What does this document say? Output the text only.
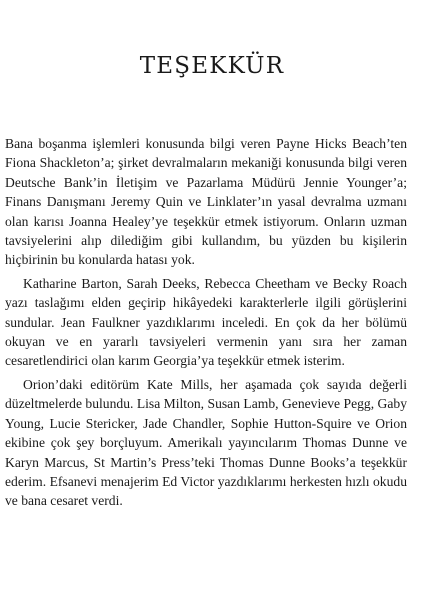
TEŞEKKÜR

Bana boşanma işlemleri konusunda bilgi veren Payne Hicks Beach’ten Fiona Shackleton’a; şirket devralmaların mekaniği konusunda bilgi veren Deutsche Bank’in İletişim ve Pazarlama Müdürü Jennie Younger’a; Finans Danışmanı Jeremy Quin ve Linklater’ın yasal devralma uzmanı olan karısı Joanna Healey’ye teşekkür etmek istiyorum. Onların uzman tavsiyelerini alıp dilediğim gibi kullandım, bu yüzden bu kişilerin hiçbirinin bu konularda hatası yok.

Katharine Barton, Sarah Deeks, Rebecca Cheetham ve Becky Roach yazı taslağımı elden geçirip hikâyedeki karakterlerle ilgili görüşlerini sundular. Jean Faulkner yazdıklarımı inceledi. En çok da her bölümü okuyan ve en yararlı tavsiyeleri vermenin yanı sıra her zaman cesaretlendirici olan karım Georgia’ya teşekkür etmek isterim.

Orion’daki editörüm Kate Mills, her aşamada çok sayıda değerli düzeltmelerde bulundu. Lisa Milton, Susan Lamb, Genevieve Pegg, Gaby Young, Lucie Stericker, Jade Chandler, Sophie Hutton-Squire ve Orion ekibine çok şey borçluyum. Amerikalı yayıncılarım Thomas Dunne ve Karyn Marcus, St Martin’s Press’teki Thomas Dunne Books’a teşekkür ederim. Efsanevi menajerim Ed Victor yazdıklarımı herkesten hızlı okudu ve bana cesaret verdi.
